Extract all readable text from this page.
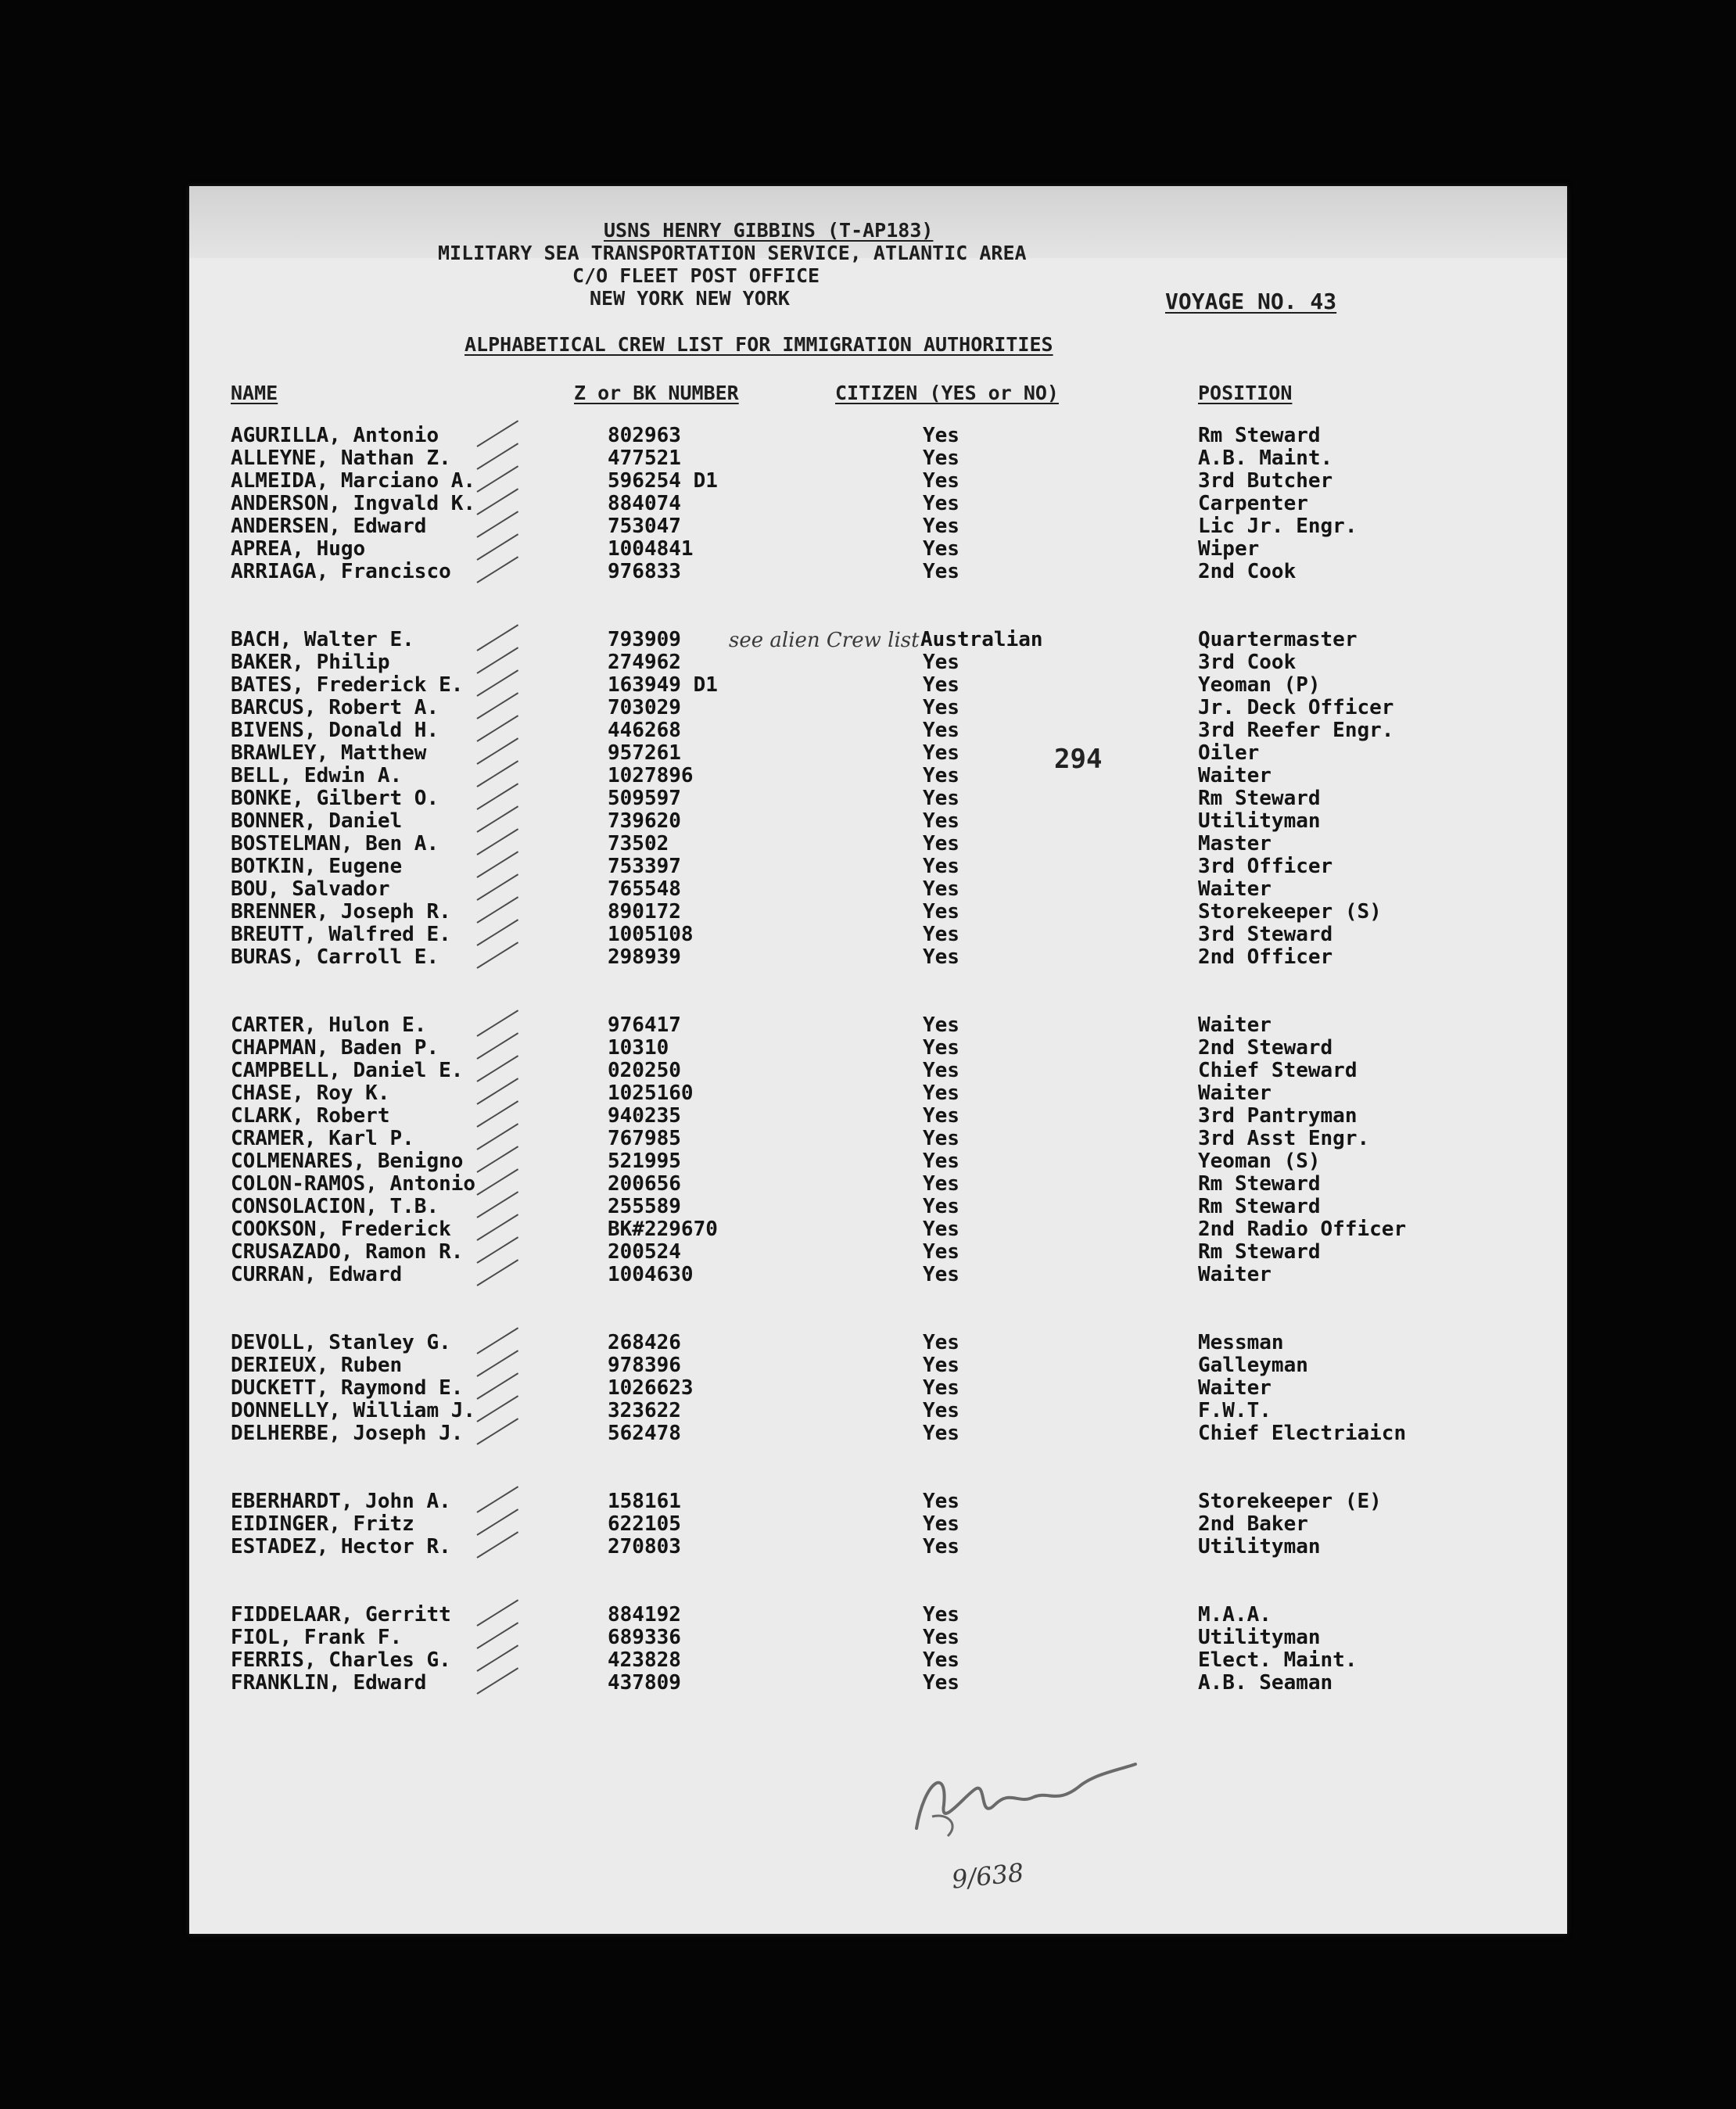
USNS HENRY GIBBINS (T-AP183)
MILITARY SEA TRANSPORTATION SERVICE, ATLANTIC AREA
C/O FLEET POST OFFICE
NEW YORK NEW YORK	VOYAGE NO. 43
ALPHABETICAL CREW LIST FOR IMMIGRATION AUTHORITIES
NAME	Z or BK NUMBER	CITIZEN (YES or NO)	POSITION
AGURILLA, Antonio	802963	Yes	Rm Steward
ALLEYNE, Nathan Z.	477521	Yes	A.B. Maint.
ALMEIDA, Marciano A.	596254 D1	Yes	3rd Butcher
ANDERSON, Ingvald K.	884074	Yes	Carpenter
ANDERSEN, Edward	753047	Yes	Lic Jr. Engr.
APREA, Hugo	1004841	Yes	Wiper
ARRIAGA, Francisco	976833	Yes	2nd Cook
BACH, Walter E.	793909	Australian	Quartermaster
BAKER, Philip	274962	Yes	3rd Cook
BATES, Frederick E.	163949 D1	Yes	Yeoman (P)
BARCUS, Robert A.	703029	Yes	Jr. Deck Officer
BIVENS, Donald H.	446268	Yes	3rd Reefer Engr.
BRAWLEY, Matthew	957261	Yes	Oiler
BELL, Edwin A.	1027896	Yes	Waiter
BONKE, Gilbert O.	509597	Yes	Rm Steward
BONNER, Daniel	739620	Yes	Utilityman
BOSTELMAN, Ben A.	73502	Yes	Master
BOTKIN, Eugene	753397	Yes	3rd Officer
BOU, Salvador	765548	Yes	Waiter
BRENNER, Joseph R.	890172	Yes	Storekeeper (S)
BREUTT, Walfred E.	1005108	Yes	3rd Steward
BURAS, Carroll E.	298939	Yes	2nd Officer
CARTER, Hulon E.	976417	Yes	Waiter
CHAPMAN, Baden P.	10310	Yes	2nd Steward
CAMPBELL, Daniel E.	020250	Yes	Chief Steward
CHASE, Roy K.	1025160	Yes	Waiter
CLARK, Robert	940235	Yes	3rd Pantryman
CRAMER, Karl P.	767985	Yes	3rd Asst Engr.
COLMENARES, Benigno	521995	Yes	Yeoman (S)
COLON-RAMOS, Antonio	200656	Yes	Rm Steward
CONSOLACION, T.B.	255589	Yes	Rm Steward
COOKSON, Frederick	BK#229670	Yes	2nd Radio Officer
CRUSAZADO, Ramon R.	200524	Yes	Rm Steward
CURRAN, Edward	1004630	Yes	Waiter
DEVOLL, Stanley G.	268426	Yes	Messman
DERIEUX, Ruben	978396	Yes	Galleyman
DUCKETT, Raymond E.	1026623	Yes	Waiter
DONNELLY, William J.	323622	Yes	F.W.T.
DELHERBE, Joseph J.	562478	Yes	Chief Electriaicn
EBERHARDT, John A.	158161	Yes	Storekeeper (E)
EIDINGER, Fritz	622105	Yes	2nd Baker
ESTADEZ, Hector R.	270803	Yes	Utilityman
FIDDELAAR, Gerritt	884192	Yes	M.A.A.
FIOL, Frank F.	689336	Yes	Utilityman
FERRIS, Charles G.	423828	Yes	Elect. Maint.
FRANKLIN, Edward	437809	Yes	A.B. Seaman
see alien Crew list
294
9/638
